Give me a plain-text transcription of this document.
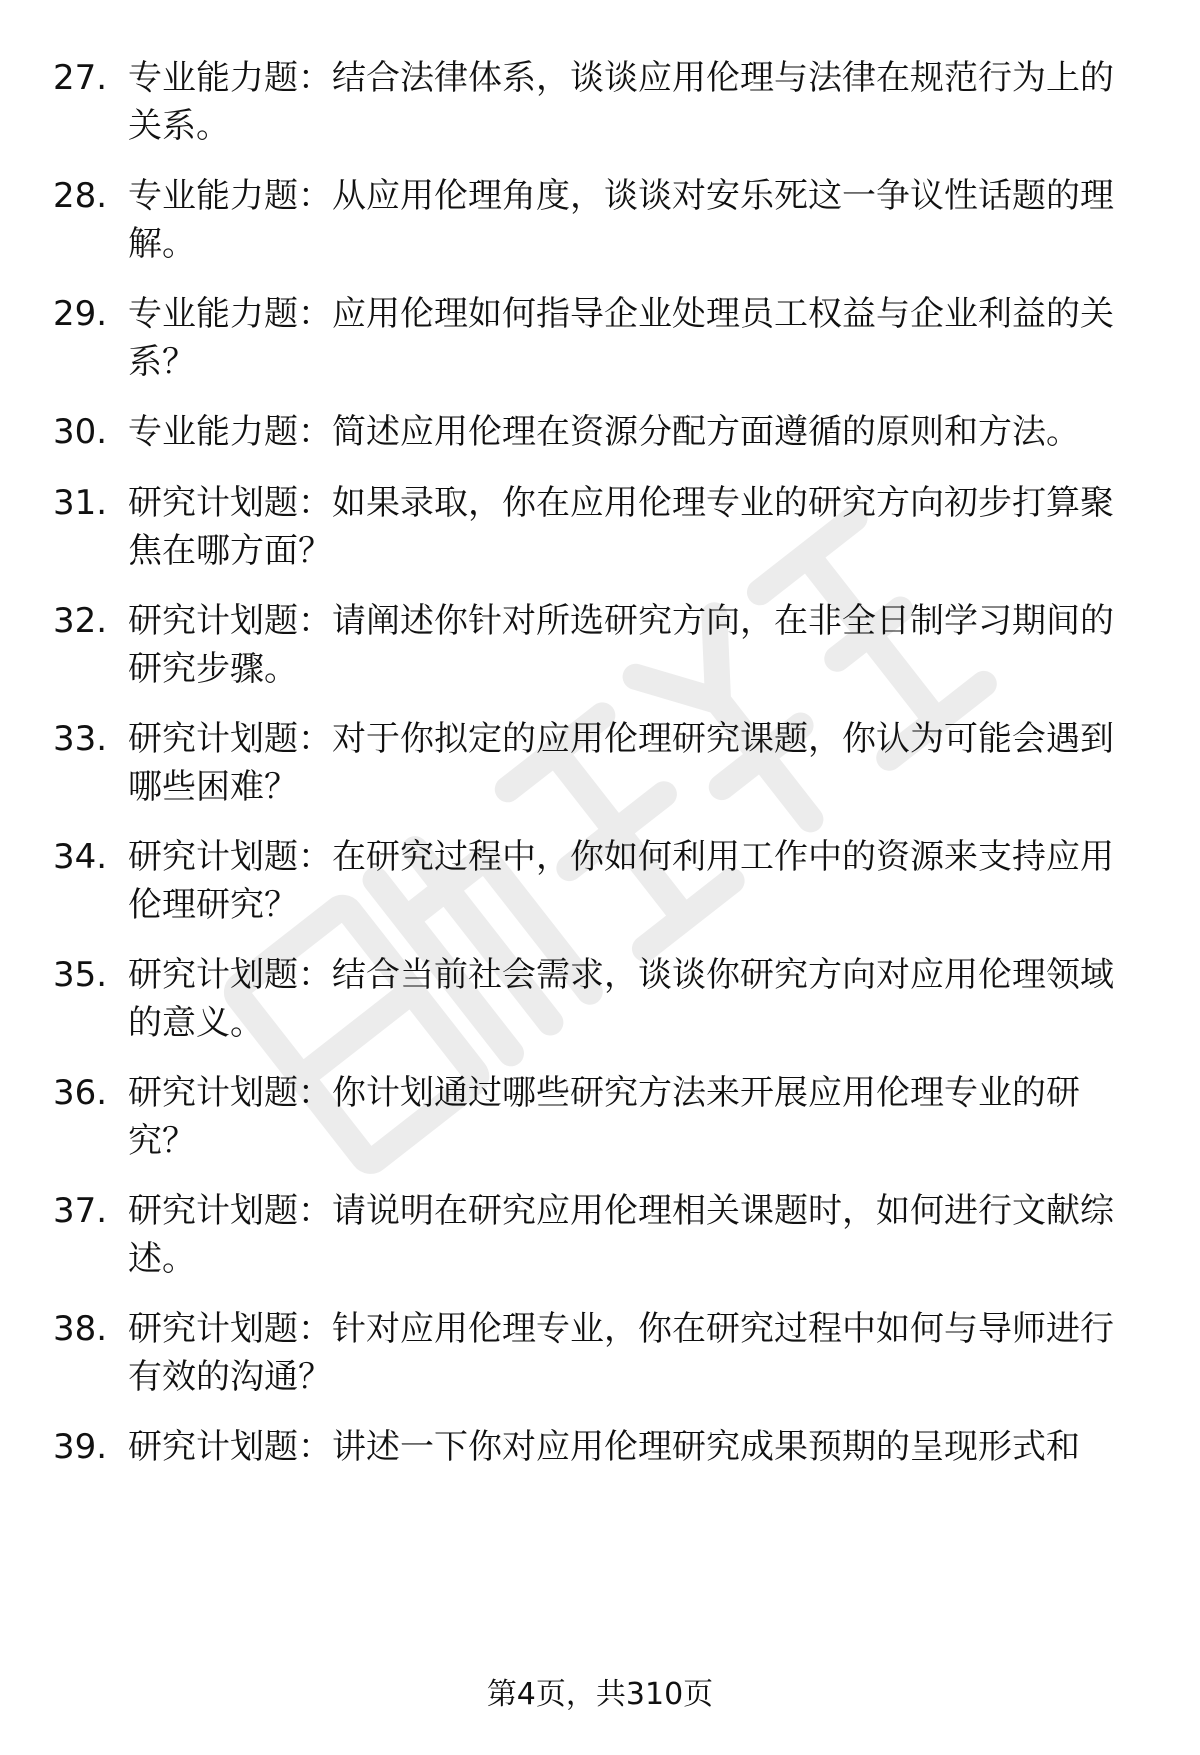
27. 专业能力题：结合法律体系，谈谈应用伦理与法律在规范行为上的关系。
28. 专业能力题：从应用伦理角度，谈谈对安乐死这一争议性话题的理解。
29. 专业能力题：应用伦理如何指导企业处理员工权益与企业利益的关系？
30. 专业能力题：简述应用伦理在资源分配方面遵循的原则和方法。
31. 研究计划题：如果录取，你在应用伦理专业的研究方向初步打算聚焦在哪方面？
32. 研究计划题：请阐述你针对所选研究方向，在非全日制学习期间的研究步骤。
33. 研究计划题：对于你拟定的应用伦理研究课题，你认为可能会遇到哪些困难？
34. 研究计划题：在研究过程中，你如何利用工作中的资源来支持应用伦理研究？
35. 研究计划题：结合当前社会需求，谈谈你研究方向对应用伦理领域的意义。
36. 研究计划题：你计划通过哪些研究方法来开展应用伦理专业的研究？
37. 研究计划题：请说明在研究应用伦理相关课题时，如何进行文献综述。
38. 研究计划题：针对应用伦理专业，你在研究过程中如何与导师进行有效的沟通？
39. 研究计划题：讲述一下你对应用伦理研究成果预期的呈现形式和
第4页，共310页
